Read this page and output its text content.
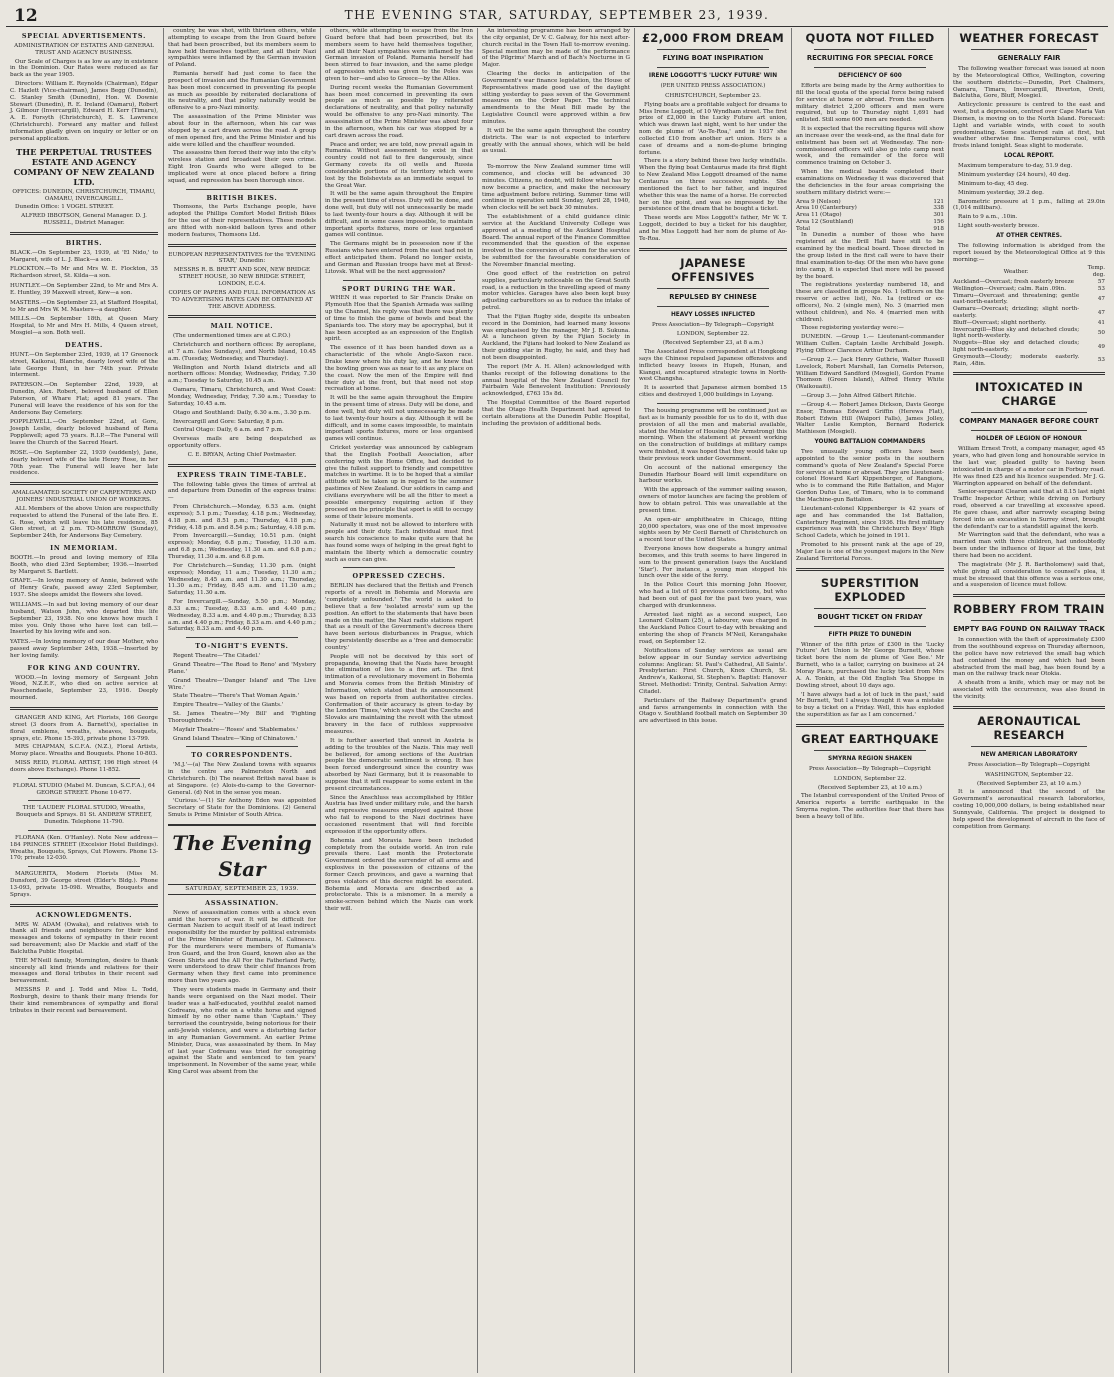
12	THE EVENING STAR, SATURDAY, SEPTEMBER 23, 1939.
SPECIAL ADVERTISEMENTS.

ADMINISTRATION OF ESTATES AND GENERAL TRUST AND AGENCY BUSINESS.

Our Scale of Charges is as low as any in existence in the Dominion. Our Rates were reduced as far back as the year 1905.

Directors: William E. Reynolds (Chairman), Edgar C. Hazlett (Vice-chairman), James Begg (Dunedin), C. Stanley Smith (Dunedin), Hon. W. Downie Stewart (Dunedin), R. E. Ireland (Oamaru), Robert J. Gilmour (Invercargill), Edward H. Kerr (Timaru), A. E. Forsyth (Christchurch), E. S. Lawrence (Christchurch). Forward any matter and fullest information gladly given on inquiry or letter or on personal application.

THE PERPETUAL TRUSTEES ESTATE AND AGENCY COMPANY OF NEW ZEALAND LTD.

OFFICES: DUNEDIN, CHRISTCHURCH, TIMARU, OAMARU, INVERCARGILL.

Dunedin Office: 1 VOGEL STREET.

ALFRED IBBOTSON, General Manager. D. J. RUSSELL, District Manager.

BIRTHS.

BLACK.—On September 23, 1939, at 'El Nido,' to Margaret, wife of L. J. Black—a son.

FLOCKTON.—To Mr and Mrs W. E. Flockton, 35 Richardson street, St. Kilda—a son.

HUNTLEY.—On September 22nd, to Mr and Mrs A. E. Huntley, 39 Maxwell street, Kew—a son.

MASTERS.—On September 23, at Stafford Hospital, to Mr and Mrs W. M. Masters—a daughter.

MILLS.—On September 18th, at Queen Mary Hospital, to Mr and Mrs H. Mills, 4 Queen street, Mosgiel—a son. Both well.

DEATHS.

HUNT.—On September 23rd, 1939, at 17 Greenock street, Kaikorai, Blanche, dearly loved wife of the late George Hunt, in her 74th year. Private interment.

PATERSON.—On September 22nd, 1939, at Dunedin, Alex. Robert, beloved husband of Ellen Paterson, of Whare Flat; aged 81 years. The Funeral will leave the residence of his son for the Andersons Bay Cemetery.

POPPLEWELL.—On September 22nd, at Gore, Joseph Leslie, dearly beloved husband of Rena Popplewell; aged 75 years. R.I.P.—The Funeral will leave the Church of the Sacred Heart.

ROSE.—On September 22, 1939 (suddenly), Jane, dearly beloved wife of the late Henry Rose, in her 70th year. The Funeral will leave her late residence.

AMALGAMATED SOCIETY OF CARPENTERS AND JOINERS' INDUSTRIAL UNION OF WORKERS.

ALL Members of the above Union are respectfully requested to attend the Funeral of the late Bro. E. G. Rose, which will leave his late residence, 85 Glen street, at 2 p.m. TO-MORROW (Sunday), September 24th, for Andersons Bay Cemetery.

IN MEMORIAM.

BOOTH.—In proud and loving memory of Ella Booth, who died 23rd September, 1936.—Inserted by Margaret S. Bartlett.

GRAFE.—In loving memory of Annie, beloved wife of Henry Grafe, passed away 23rd September, 1937. She sleeps amidst the flowers she loved.

WILLIAMS.—In sad but loving memory of our dear husband, Watson John, who departed this life September 23, 1938. No one knows how much I miss you. Only those who have lost can tell.—Inserted by his loving wife and son.

YATES.—In loving memory of our dear Mother, who passed away September 24th, 1938.—Inserted by her loving family.

FOR KING AND COUNTRY.

WOOD.—In loving memory of Sergeant John Wood, N.Z.E.F., who died on active service at Passchendaele, September 23, 1916. Deeply mourned.

GRANGER AND KING, Art Florists, 166 George street (3 doors from A. Barnett's), specialise in floral emblems, wreaths, sheaves, bouquets, sprays, etc. Phone 15-393, private phone 13-799.

MRS CHAPMAN, S.C.F.A. (N.Z.), Floral Artists, Moray place. Wreaths and Bouquets. Phone 10-803.

MISS REID, FLORAL ARTIST, 196 High street (4 doors above Exchange). Phone 11-852.

FLORAL STUDIO (Mabel M. Duncan, S.C.F.A.), 64 GEORGE STREET. Phone 10-677.

THE 'LAUDER' FLORAL STUDIO, Wreaths, Bouquets and Sprays. 81 St. ANDREW STREET, Dunedin. Telephone 11-790.

FLORANA (Ken. O'Hanley). Note New address—184 PRINCES STREET (Excelsior Hotel Buildings). Wreaths, Bouquets, Sprays, Cut Flowers. Phone 13-170; private 12-030.

MARGUERITA, Modern Florists (Miss M. Dunsford, 39 George street (Elder's Bldg.). Phone 13-093, private 15-098. Wreaths, Bouquets and Sprays.

ACKNOWLEDGMENTS.

MRS W. ADAM (Owaka), and relatives wish to thank all friends and neighbours for their kind messages and tokens of sympathy in their recent sad bereavement; also Dr Mackie and staff of the Balclutha Public Hospital.

THE M'Neill family, Mornington, desire to thank sincerely all kind friends and relatives for their messages and floral tributes in their recent sad bereavement.

MESSRS P. and J. Todd and Miss L. Todd, Roxburgh, desire to thank their many friends for their kind remembrances of sympathy and floral tributes in their recent sad bereavement.

country, he was shot, with thirteen others, while attempting to escape from the Iron Guard before that had been proscribed, but its members seem to have held themselves together, and all their Nazi sympathies were inflamed by the German invasion of Poland.

Rumania herself had just come to face the prospect of invasion and the Rumanian Government has been most concerned in preventing its people as much as possible by reiterated declarations of its neutrality, and that policy naturally would be offensive to a pro-Nazi minority.

The assassination of the Prime Minister was about four in the afternoon, when his car was stopped by a cart drawn across the road. A group of men opened fire, and the Prime Minister and his aide were killed and the chauffeur wounded.

The assassins then forced their way into the city's wireless station and broadcast their own crime. Eight Iron Guards who were alleged to be implicated were at once placed before a firing squad, and repression has been thorough since.

BRITISH BIKES.

Thomsons, the Parts Exchange people, have adopted the Phillips Comfort Model British Bikes for the use of their representatives. These models are fitted with non-skid balloon tyres and other modern features, Thomsons Ltd.

EUROPEAN REPRESENTATIVES for the 'EVENING STAR,' Dunedin:

MESSRS R. B. BRETT AND SON, NEW BRIDGE STREET HOUSE, 30 NEW BRIDGE STREET, LONDON, E.C.4.

COPIES OF PAPERS AND FULL INFORMATION AS TO ADVERTISING RATES CAN BE OBTAINED AT THE ABOVE ADDRESS.

MAIL NOTICE.

(The undermentioned times are at C.P.O.)

Christchurch and northern offices: By aeroplane, at 7 a.m. (also Sundays), and North Island, 10.45 a.m. (Tuesday, Wednesday, and Thursday).

Wellington and North Island districts and all northern offices: Monday, Wednesday, Friday, 7.30 a.m.; Tuesday to Saturday, 10.45 a.m.

Oamaru, Timaru, Christchurch, and West Coast: Monday, Wednesday, Friday, 7.30 a.m.; Tuesday to Saturday, 10.45 a.m.

Otago and Southland: Daily, 6.30 a.m., 3.30 p.m.

Invercargill and Gore: Saturday, 8 p.m.

Central Otago: Daily, 6 a.m. and 7 p.m.

Overseas mails are being despatched as opportunity offers.

C. E. BRYAN, Acting Chief Postmaster.

EXPRESS TRAIN TIME-TABLE.

The following table gives the times of arrival at and departure from Dunedin of the express trains:—

From Christchurch.—Monday, 6.53 a.m. (night express); 5.1 p.m.; Tuesday, 4.18 p.m.; Wednesday, 4.18 p.m. and 8.51 p.m.; Thursday, 4.18 p.m.; Friday, 4.18 p.m. and 8.54 p.m.; Saturday, 4.18 p.m.

From Invercargill.—Sunday, 10.51 p.m. (night express); Monday, 6.8 p.m.; Tuesday, 11.30 a.m. and 6.8 p.m.; Wednesday, 11.30 a.m. and 6.8 p.m.; Thursday, 11.30 a.m. and 6.8 p.m.

For Christchurch.—Sunday, 11.30 p.m. (night express); Monday, 11 a.m.; Tuesday, 11.30 a.m.; Wednesday, 8.45 a.m. and 11.30 a.m.; Thursday, 11.30 a.m.; Friday, 8.45 a.m. and 11.30 a.m.; Saturday, 11.30 a.m.

For Invercargill.—Sunday, 5.50 p.m.; Monday, 8.33 a.m.; Tuesday, 8.33 a.m. and 4.40 p.m.; Wednesday, 8.33 a.m. and 4.40 p.m.; Thursday, 8.33 a.m. and 4.40 p.m.; Friday, 8.33 a.m. and 4.40 p.m.; Saturday, 8.33 a.m. and 4.40 p.m.

TO-NIGHT'S EVENTS.

Regent Theatre—'The Citadel.'

Grand Theatre—'The Road to Reno' and 'Mystery Plane.'

Grand Theatre—'Danger Island' and 'The Live Wire.'

State Theatre—'There's That Woman Again.'

Empire Theatre—'Valley of the Giants.'

St. James Theatre—'My Bill' and 'Fighting Thoroughbreds.'

Mayfair Theatre—'Roses' and 'Stablemates.'

Grand Island Theatre—'King of Chinatown.'

TO CORRESPONDENTS.

'M.J.'—(a) The New Zealand towns with squares in the centre are Palmerston North and Christchurch. (b) The nearest British naval base is at Singapore. (c) Alois-du-camp to the Governor-General. (d) Not in the sense you mean.

'Curious.'—(1) Sir Anthony Eden was appointed Secretary of State for the Dominions. (2) General Smuts is Prime Minister of South Africa.

The Evening Star
SATURDAY, SEPTEMBER 23, 1939.
ASSASSINATION.

News of assassination comes with a shock even amid the horrors of war. It will be difficult for German Nazism to acquit itself of at least indirect responsibility for the murder by political extremists of the Prime Minister of Rumania, M. Calinescu. For the murderers were members of Rumania's Iron Guard, and the Iron Guard, known also as the Green Shirts and the All For the Fatherland Party, were understood to draw their chief finances from Germany when they first came into prominence more than two years ago.

They were students made in Germany and their hands were organised on the Nazi model. Their leader was a half-educated, youthful zealot named Codreanu, who rode on a white horse and signed himself by no other name than 'Captain.' They terrorised the countryside, being notorious for their anti-Jewish violence, and were a disturbing factor in any Rumanian Government. An earlier Prime Minister, Duca, was assassinated by them. In May of last year Codreanu was tried for conspiring against the State and sentenced to ten years' imprisonment. In November of the same year, while King Carol was absent from the

others, while attempting to escape from the Iron Guard before that had been proscribed, but its members seem to have held themselves together, and all their Nazi sympathies were inflamed by the German invasion of Poland. Rumania herself had been stirred to fear invasion, and the same pledge of aggression which was given to the Poles was given to her—and also to Greece—by the Allies.

During recent weeks the Rumanian Government has been most concerned in preventing its own people as much as possible by reiterated declarations of neutrality, and that policy naturally would be offensive to any pro-Nazi minority. The assassination of the Prime Minister was about four in the afternoon, when his car was stopped by a cart drawn across the road.

Peace and order, we are told, now prevail again in Rumania. Without assessment to exist in that country could not fail to fire dangerously, since Germany covets its oil wells and Russia considerable portions of its territory which were lost by the Bolshevists as an immediate sequel to the Great War.

It will be the same again throughout the Empire in the present time of stress. Duty will be done, and done well, but duty will not unnecessarily be made to last twenty-four hours a day. Although it will be difficult, and in some cases impossible, to maintain important sports fixtures, more or less organised games will continue.

The Germans might be in possession now if the Russians who have entered from the east had not in effect anticipated them. Poland no longer exists, and German and Russian troops have met at Brest-Litovsk. What will be the next aggression?

SPORT DURING THE WAR.

WHEN it was reported to Sir Francis Drake on Plymouth Hoe that the Spanish Armada was sailing up the Channel, his reply was that there was plenty of time to finish the game of bowls and beat the Spaniards too. The story may be apocryphal, but it has been accepted as an expression of the English spirit.

The essence of it has been handed down as a characteristic of the whole Anglo-Saxon race. Drake knew where his duty lay, and he knew that the bowling green was as near to it as any place on the coast. Now the men of the Empire will find their duty at the front, but that need not stop recreation at home.

It will be the same again throughout the Empire in the present time of stress. Duty will be done, and done well, but duty will not unnecessarily be made to last twenty-four hours a day. Although it will be difficult, and in some cases impossible, to maintain important sports fixtures, more or less organised games will continue.

Cricket yesterday was announced by cablegram that the English Football Association, after conferring with the Home Office, had decided to give the fullest support to friendly and competitive matches in wartime. It is to be hoped that a similar attitude will be taken up in regard to the summer pastimes of New Zealand. Our soldiers in camp and civilians everywhere will be all the fitter to meet a possible emergency requiring action if they proceed on the principle that sport is still to occupy some of their leisure moments.

Naturally it must not be allowed to interfere with people and their duty. Each individual must first search his conscience to make quite sure that he has found some ways of helping in the great fight to maintain the liberty which a democratic country such as ours can give.

OPPRESSED CZECHS.

BERLIN has declared that the British and French reports of a revolt in Bohemia and Moravia are 'completely unfounded.' The world is asked to believe that a few 'isolated arrests' sum up the position. An effort to the statements that have been made on this matter, the Nazi radio stations report that as a result of the Government's decrees there have been serious disturbances in Prague, which they persistently describe as a 'free and democratic country.'

People will not be deceived by this sort of propaganda, knowing that the Nazis have brought the elimination of lies to a fine art. The first intimation of a revolutionary movement in Bohemia and Moravia comes from the British Ministry of Information, which stated that its announcement was based on reports from authoritative circles. Confirmation of their accuracy is given to-day by the London 'Times,' which says that the Czechs and Slovaks are maintaining the revolt with the utmost bravery in the face of ruthless suppressive measures.

It is further asserted that unrest in Austria is adding to the troubles of the Nazis. This may well be believed, for among sections of the Austrian people the democratic sentiment is strong. It has been forced underground since the country was absorbed by Nazi Germany, but it is reasonable to suppose that it will reappear to some extent in the present circumstances.

Since the Anschluss was accomplished by Hitler Austria has lived under military rule, and the harsh and repressive measures employed against those who fail to respond to the Nazi doctrines have occasioned resentment that will find forcible expression if the opportunity offers.

Bohemia and Moravia have been included completely from the outside world. An iron rule prevails there. Last month the Protectorate Government ordered the surrender of all arms and explosives in the possession of citizens of the former Czech provinces, and gave a warning that gross violators of this decree might be executed. Bohemia and Moravia are described as a protectorate. This is a misnomer. In a merely a smoke-screen behind which the Nazis can work their will.

An interesting programme has been arranged by the city organist, Dr V. C. Galway, for his next after-church recital in the Town Hall to-morrow evening. Special mention may be made of the performance of the Pilgrims' March and of Bach's Nocturne in G Major.

Clearing the decks in anticipation of the Government's war finance legislation, the House of Representatives made good use of the daylight sitting yesterday to pass seven of the Government measures on the Order Paper. The technical amendments to the Meat Bill made by the Legislative Council were approved within a few minutes.

It will be the same again throughout the country districts. The war is not expected to interfere greatly with the annual shows, which will be held as usual.

To-morrow the New Zealand summer time will commence, and clocks will be advanced 30 minutes. Citizens, no doubt, will follow what has by now become a practice, and make the necessary time adjustment before retiring. Summer time will continue in operation until Sunday, April 28, 1940, when clocks will be set back 30 minutes.

The establishment of a child guidance clinic service at the Auckland University College was approved at a meeting of the Auckland Hospital Board. The annual report of the Finance Committee recommended that the question of the expense involved in the conversion of a room for the service be submitted for the favourable consideration of the November financial meeting.

One good effect of the restriction on petrol supplies, particularly noticeable on the Great South road, is a reduction in the travelling speed of many motor vehicles. Garages have also been kept busy adjusting carburettors so as to reduce the intake of petrol.

That the Fijian Rugby side, despite its unbeaten record in the Dominion, had learned many lessons was emphasised by the manager, Mr J. B. Sukuna. At a luncheon given by the Fijian Society in Auckland, the Fijians had looked to New Zealand as their guiding star in Rugby, he said, and they had not been disappointed.

The report (Mr A. H. Allen) acknowledged with thanks receipt of the following donations to the annual hospital of the New Zealand Council for Fairbairn Vale Benevolent Institution: Previously acknowledged, £763 15s 8d.

The Hospital Committee of the Board reported that the Otago Health Department had agreed to certain alterations at the Dunedin Public Hospital, including the provision of additional beds.

£2,000 FROM DREAM
FLYING BOAT INSPIRATION
IRENE LOGGOTT'S 'LUCKY FUTURE' WIN
(PER UNITED PRESS ASSOCIATION.)

CHRISTCHURCH, September 23.

Flying boats are a profitable subject for dreams to Miss Irene Loggott, of 10 Wyndham street. The first prize of £2,000 in the Lucky Future art union, which was drawn last night, went to her under the nom de plume of 'Ao-Te-Roa,' and in 1937 she collected £10 from another art union. Hers is a case of dreams and a nom-de-plume bringing fortune.

There is a story behind these two lucky windfalls. When the flying boat Centaurus made its first flight to New Zealand Miss Loggott dreamed of the name Centaurus on three successive nights. She mentioned the fact to her father, and inquired whether this was the name of a horse. He corrected her on the point, and was so impressed by the persistence of the dream that he bought a ticket.

These words are Miss Loggott's father, Mr W. T. Loggott, decided to buy a ticket for his daughter, and he Miss Loggott had her nom de plume of Ao-Te-Roa.

JAPANESE OFFENSIVES
REPULSED BY CHINESE
HEAVY LOSSES INFLICTED
Press Association—By Telegraph—Copyright

LONDON, September 22.

(Received September 23, at 8 a.m.)

The Associated Press correspondent at Hongkong says the Chinese repulsed Japanese offensives and inflicted heavy losses in Hupeh, Hunan, and Kiangsi, and recaptured strategic towns in North-west Changsha.

It is asserted that Japanese airmen bombed 15 cities and destroyed 1,000 buildings in Loyang.

The housing programme will be continued just as fast as is humanly possible for us to do it, with due provision of all the men and material available, stated the Minister of Housing (Mr Armstrong) this morning. When the statement at present working on the construction of buildings at military camps were finished, it was hoped that they would take up their previous work under Government.

On account of the national emergency the Dunedin Harbour Board will limit expenditure on harbour works.

With the approach of the summer sailing season, owners of motor launches are facing the problem of how to obtain petrol. This was unavailable at the present time.

An open-air amphitheatre in Chicago, fitting 20,000 spectators, was one of the most impressive sights seen by Mr Cecil Barnett of Christchurch on a recent tour of the United States.

Everyone knows how desperate a hungry animal becomes, and this truth seems to have lingered in sum to the present generation (says the Auckland 'Star'). For instance, a young man stopped his lunch over the side of the ferry.

In the Police Court this morning John Hoover, who had a list of 61 previous convictions, but who had been out of gaol for the past two years, was charged with drunkenness.

Arrested last night as a second suspect, Leo Leonard Coltnam (25), a labourer, was charged in the Auckland Police Court to-day with breaking and entering the shop of Francis M'Neil, Kerangahake road, on September 12.

Notifications of Sunday services as usual are below appear in our Sunday service advertising columns: Anglican: St. Paul's Cathedral, All Saints'. Presbyterian: First Church, Knox Church, St. Andrew's, Kaikorai, St. Stephen's. Baptist: Hanover Street. Methodist: Trinity, Central. Salvation Army: Citadel.

Particulars of the Railway Department's grand and fares arrangements in connection with the Otago v. Southland football match on September 30 are advertised in this issue.

QUOTA NOT FILLED
RECRUITING FOR SPECIAL FORCE
DEFICIENCY OF 600

Efforts are being made by the Army authorities to fill the local quota of the special force being raised for service at home or abroad. From the southern military district 2,200 officers and men were required, but up to Thursday night 1,691 had enlisted. Still some 600 men are needed.

It is expected that the recruiting figures will show an increase over the week-end, as the final date for enlistment has been set at Wednesday. The non-commissioned officers will also go into camp next week, and the remainder of the force will commence training on October 3.

When the medical boards completed their examinations on Wednesday it was discovered that the deficiencies in the four areas comprising the southern military district were:—

Area 9 (Nelson)	121
Area 10 (Canterbury)	338
Area 11 (Otago)	301
Area 12 (Southland)	156
Total	918

In Dunedin a number of those who have registered at the Drill Hall have still to be examined by the medical board. Those directed in the group listed in the first call were to have their final examination to-day. Of the men who have gone into camp, it is expected that more will be passed by the board.

The registrations yesterday numbered 18, and these are classified in groups No. 1 (officers on the reserve or active list), No. 1a (retired or ex-officers), No. 2 (single men), No. 3 (married men without children), and No. 4 (married men with children).

Those registering yesterday were:—

DUNEDIN. —Group 1.— Lieutenant-commander William Cullen. Captain Leslie Archibald Joseph. Flying Officer Clarence Arthur Durham.

—Group 2.— Jack Henry Guthrie, Walter Russell Lovelock, Robert Marshall, Ian Cornelis Peterson, William Edward Sandford (Mosgiel), Gordon Frame Thomson (Green Island), Alfred Henry White (Waikouaiti).

—Group 3.— John Alfred Gilbert Ritchie.

—Group 4.— Robert James Dickson, Davis George Ensor, Thomas Edward Griffin (Herewa Flat), Robert Edwin Hill (Waipori Falls), James Jolley, Walter Leslie Kempton, Bernard Roderick Mathieson (Mosgiel).

YOUNG BATTALION COMMANDERS

Two unusually young officers have been appointed to the senior posts in the southern command's quota of New Zealand's Special Force for service at home or abroad. They are Lieutenant-colonel Howard Karl Kippenberger, of Rangiora, who is to command the Rifle Battalion, and Major Gordon Dufus Lee, of Timaru, who is to command the Machine-gun Battalion.

Lieutenant-colonel Kippenberger is 42 years of age and has commanded the 1st Battalion, Canterbury Regiment, since 1936. His first military experience was with the Christchurch Boys' High School Cadets, which he joined in 1911.

Promoted to his present rank at the age of 29, Major Lee is one of the youngest majors in the New Zealand Territorial Forces.

SUPERSTITION EXPLODED
BOUGHT TICKET ON FRIDAY
FIFTH PRIZE TO DUNEDIN

Winner of the fifth prize of £300 in the 'Lucky Future' Art Union is Mr George Burnett, whose ticket bore the nom de plume of 'Gee Bee.' Mr Burnett, who is a tailor, carrying on business at 24 Moray Place, purchased the lucky ticket from Mrs A. A. Tonkin, at the Old English Tea Shoppe in Dowling street, about 10 days ago.

'I have always had a lot of luck in the past,' said Mr Burnett, 'but I always thought it was a mistake to buy a ticket on a Friday. Well, this has exploded the superstition as far as I am concerned.'

GREAT EARTHQUAKE
SMYRNA REGION SHAKEN
Press Association—By Telegraph—Copyright

LONDON, September 22.

(Received September 23, at 10 a.m.)

The Istanbul correspondent of the United Press of America reports a terrific earthquake in the Smyrna region. The authorities fear that there has been a heavy toll of life.

WEATHER FORECAST
GENERALLY FAIR

The following weather forecast was issued at noon by the Meteorological Office, Wellington, covering the southern districts:—Dunedin, Port Chalmers, Oamaru, Timaru, Invercargill, Riverton, Oreti, Balclutha, Gore, Bluff, Mosgiel.

Anticyclonic pressure is centred to the east and west, but a depression, centred over Cape Maria Van Diemen, is moving on to the North Island. Forecast: Light and variable winds, with coast to south predominating. Some scattered rain at first, but weather otherwise fine. Temperatures cool, with frosts inland tonight. Seas slight to moderate.

LOCAL REPORT.

Maximum temperature to-day, 51.9 deg.

Minimum yesterday (24 hours), 40 deg.

Minimum to-day, 45 deg.

Minimum yesterday, 39.2 deg.

Barometric pressure at 1 p.m., falling at 29.0in (1,014 millibars).

Rain to 9 a.m., .10in.

Light south-westerly breeze.

AT OTHER CENTRES.

The following information is abridged from the report issued by the Meteorological Office at 9 this morning:—

Weather.	Temp. deg.
Auckland—Overcast; fresh easterly breeze	57
Wellington—Overcast; calm. Rain .09in.	53
Timaru—Overcast and threatening; gentle east-north-easterly.	47
Oamaru—Overcast; drizzling; slight north-easterly.	47
Bluff—Overcast; slight northerly.	41
Invercargill—Blue sky and detached clouds; light north-westerly.	50
Nuggets—Blue sky and detached clouds; light north-easterly.	49
Greymouth—Cloudy; moderate easterly. Rain, .48in.	53
INTOXICATED IN CHARGE
COMPANY MANAGER BEFORE COURT
HOLDER OF LEGION OF HONOUR

William Ernest Trott, a company manager, aged 45 years, who had given long and honourable service in the last war, pleaded guilty to having been intoxicated in charge of a motor car in Forbury road. He was fined £25 and his licence suspended. Mr J. G. Warrington appeared on behalf of the defendant.

Senior-sergeant Clearon said that at 8.15 last night Traffic Inspector Arthur, while driving on Forbury road, observed a car travelling at excessive speed. He gave chase, and after narrowly escaping being forced into an excavation in Surrey street, brought the defendant's car to a standstill against the kerb.

Mr Warrington said that the defendant, who was a married man with three children, had undoubtedly been under the influence of liquor at the time, but there had been no accident.

The magistrate (Mr J. R. Bartholomew) said that, while giving all consideration to counsel's plea, it must be stressed that this offence was a serious one, and a suspension of licence must follow.

ROBBERY FROM TRAIN
EMPTY BAG FOUND ON RAILWAY TRACK

In connection with the theft of approximately £300 from the southbound express on Thursday afternoon, the police have now retrieved the small bag which had contained the money and which had been abstracted from the mail bag, has been found by a man on the railway track near Otokia.

A sheath from a knife, which may or may not be associated with the occurrence, was also found in the vicinity.

AERONAUTICAL RESEARCH
NEW AMERICAN LABORATORY
Press Association—By Telegraph—Copyright

WASHINGTON, September 22.

(Received September 23, at 10 a.m.)

It is announced that the second of the Government's aeronautical research laboratories, costing 10,000,000 dollars, is being established near Sunnyvale, California. The project is designed to help speed the development of aircraft in the face of competition from Germany.
